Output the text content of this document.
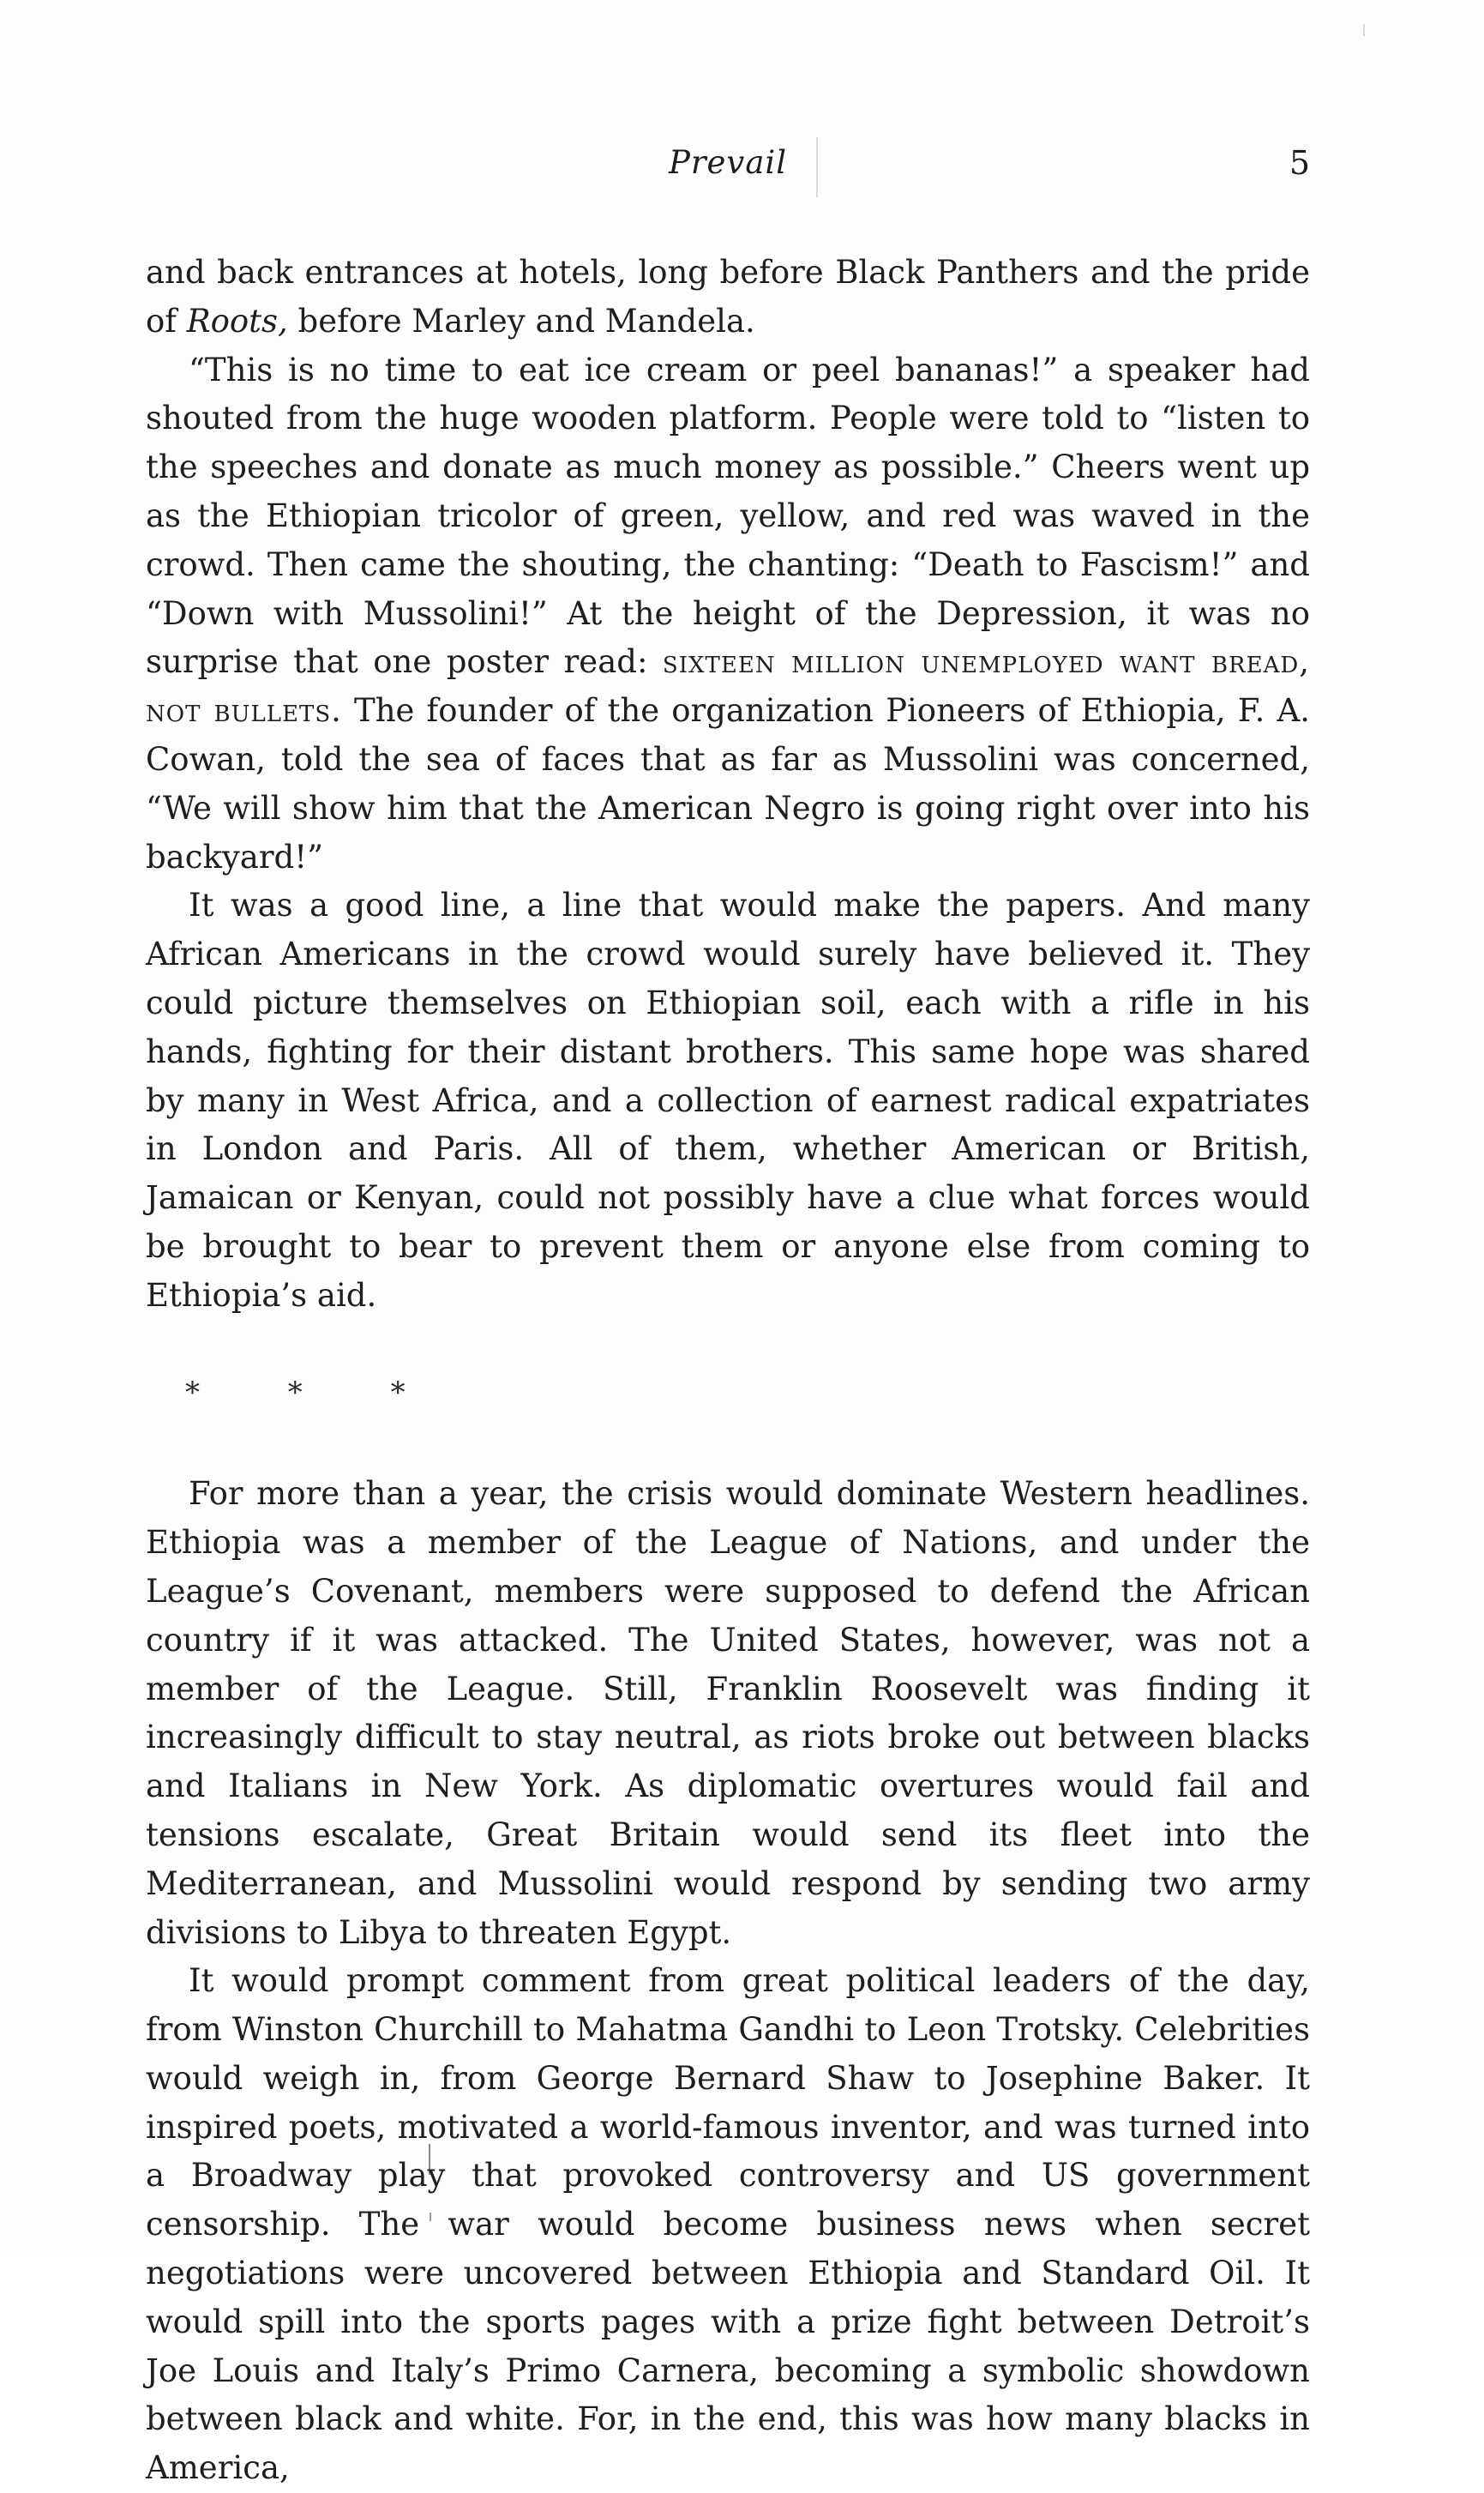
Prevail	5

and back entrances at hotels, long before Black Panthers and the pride of Roots, before Marley and Mandela.

“This is no time to eat ice cream or peel bananas!” a speaker had shouted from the huge wooden platform. People were told to “listen to the speeches and donate as much money as possible.” Cheers went up as the Ethiopian tricolor of green, yellow, and red was waved in the crowd. Then came the shouting, the chanting: “Death to Fascism!” and “Down with Mussolini!” At the height of the Depression, it was no surprise that one poster read: sixteen million unemployed want bread, not bullets. The founder of the organization Pioneers of Ethiopia, F. A. Cowan, told the sea of faces that as far as Mussolini was concerned, “We will show him that the American Negro is going right over into his backyard!”

It was a good line, a line that would make the papers. And many African Americans in the crowd would surely have believed it. They could picture themselves on Ethiopian soil, each with a rifle in his hands, fighting for their distant brothers. This same hope was shared by many in West Africa, and a collection of earnest radical expatriates in London and Paris. All of them, whether American or British, Jamaican or Kenyan, could not possibly have a clue what forces would be brought to bear to prevent them or anyone else from coming to Ethiopia’s aid.

* * *

For more than a year, the crisis would dominate Western headlines. Ethiopia was a member of the League of Nations, and under the League’s Covenant, members were supposed to defend the African country if it was attacked. The United States, however, was not a member of the League. Still, Franklin Roosevelt was finding it increasingly difficult to stay neutral, as riots broke out between blacks and Italians in New York. As diplomatic overtures would fail and tensions escalate, Great Britain would send its fleet into the Mediterranean, and Mussolini would respond by sending two army divisions to Libya to threaten Egypt.

It would prompt comment from great political leaders of the day, from Winston Churchill to Mahatma Gandhi to Leon Trotsky. Celebrities would weigh in, from George Bernard Shaw to Josephine Baker. It inspired poets, motivated a world-famous inventor, and was turned into a Broadway play that provoked controversy and US government censorship. The war would become business news when secret negotiations were uncovered between Ethiopia and Standard Oil. It would spill into the sports pages with a prize fight between Detroit’s Joe Louis and Italy’s Primo Carnera, becoming a symbolic showdown between black and white. For, in the end, this was how many blacks in America,
